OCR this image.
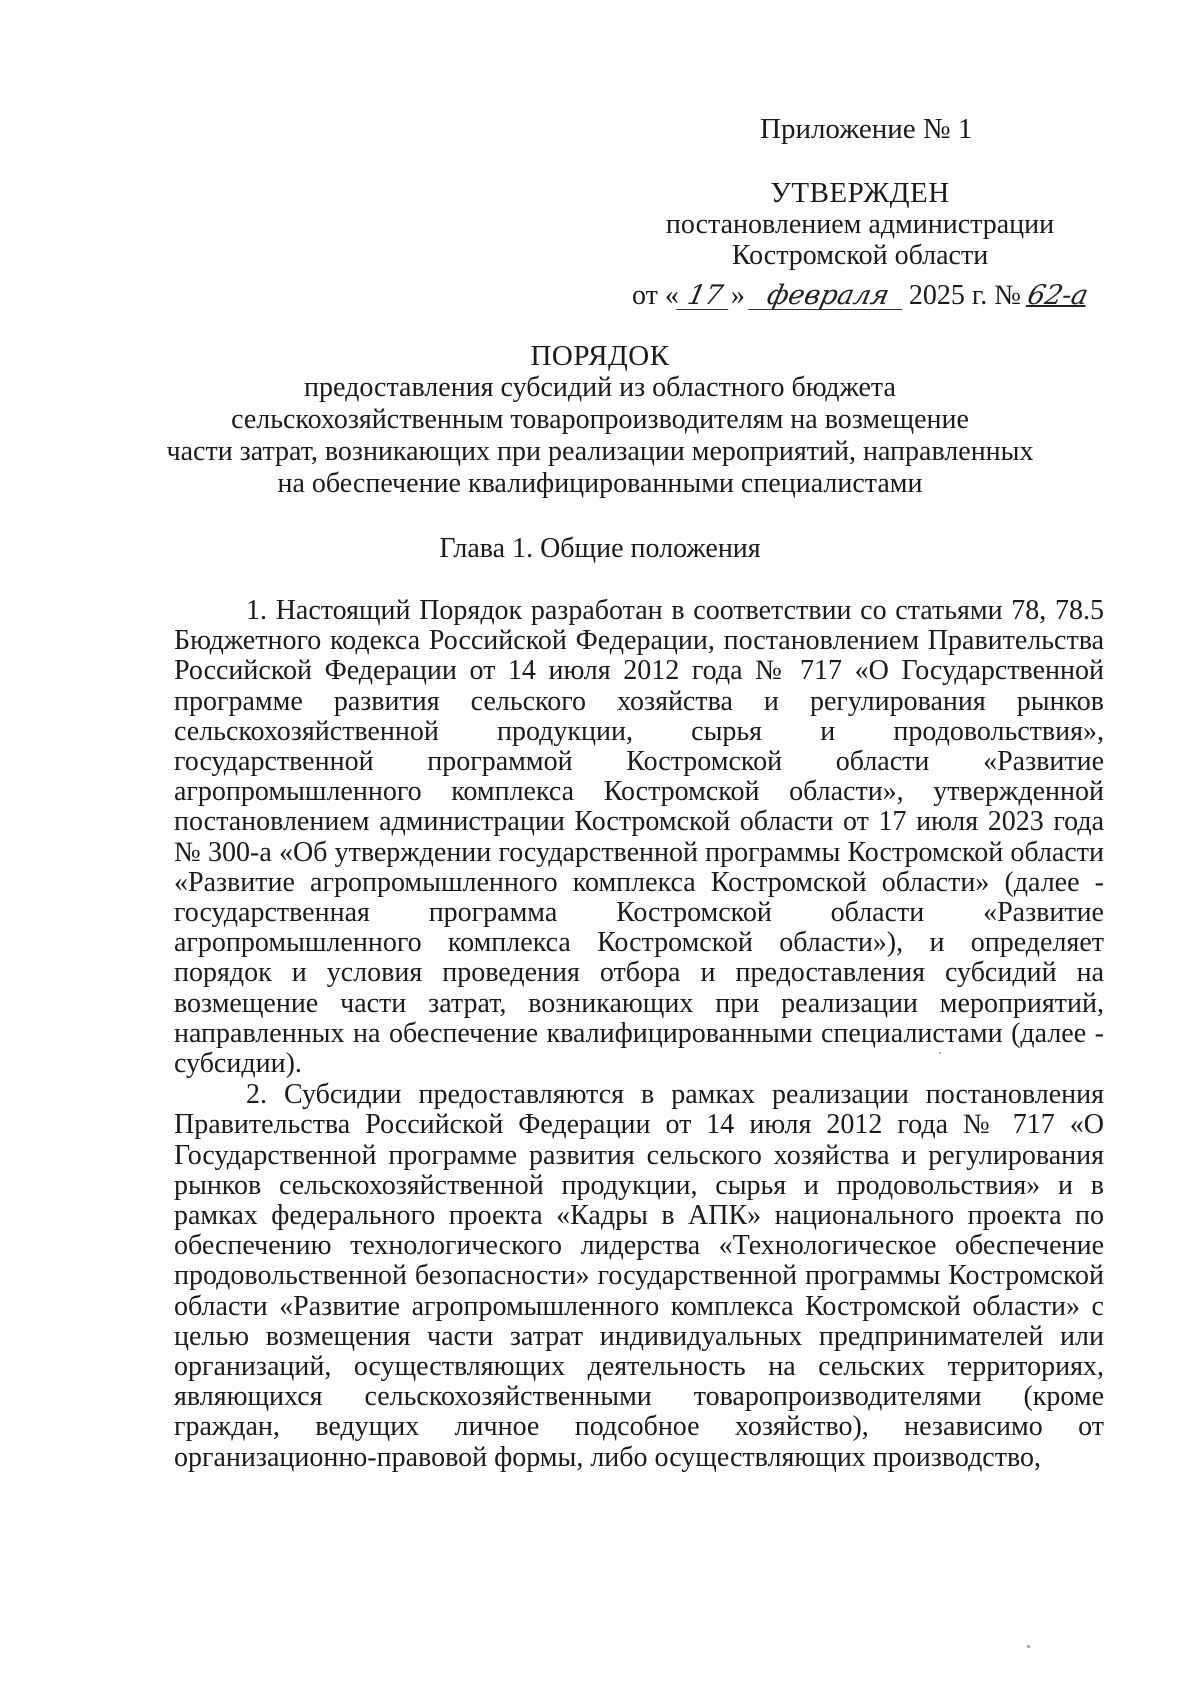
Приложение № 1
УТВЕРЖДЕН
постановлением администрации
Костромской области
от « 17 » февраля 2025 г. № 62-а
ПОРЯДОК
предоставления субсидий из областного бюджета
сельскохозяйственным товаропроизводителям на возмещение
части затрат, возникающих при реализации мероприятий, направленных
на обеспечение квалифицированными специалистами
Глава 1. Общие положения

1. Настоящий Порядок разработан в соответствии со статьями 78, 78.5 Бюджетного кодекса Российской Федерации, постановлением Правительства Российской Федерации от 14 июля 2012 года № 717 «О Государственной программе развития сельского хозяйства и регулирования рынков сельскохозяйственной продукции, сырья и продовольствия», государственной программой Костромской области «Развитие агропромышленного комплекса Костромской области», утвержденной постановлением администрации Костромской области от 17 июля 2023 года № 300-а «Об утверждении государственной программы Костромской области «Развитие агропромышленного комплекса Костромской области» (далее - государственная программа Костромской области «Развитие агропромышленного комплекса Костромской области»), и определяет порядок и условия проведения отбора и предоставления субсидий на возмещение части затрат, возникающих при реализации мероприятий, направленных на обеспечение квалифицированными специалистами (далее - субсидии).

2. Субсидии предоставляются в рамках реализации постановления Правительства Российской Федерации от 14 июля 2012 года № 717 «О Государственной программе развития сельского хозяйства и регулирования рынков сельскохозяйственной продукции, сырья и продовольствия» и в рамках федерального проекта «Кадры в АПК» национального проекта по обеспечению технологического лидерства «Технологическое обеспечение продовольственной безопасности» государственной программы Костромской области «Развитие агропромышленного комплекса Костромской области» с целью возмещения части затрат индивидуальных предпринимателей или организаций, осуществляющих деятельность на сельских территориях, являющихся сельскохозяйственными товаропроизводителями (кроме граждан, ведущих личное подсобное хозяйство), независимо от организационно-правовой формы, либо осуществляющих производство,
